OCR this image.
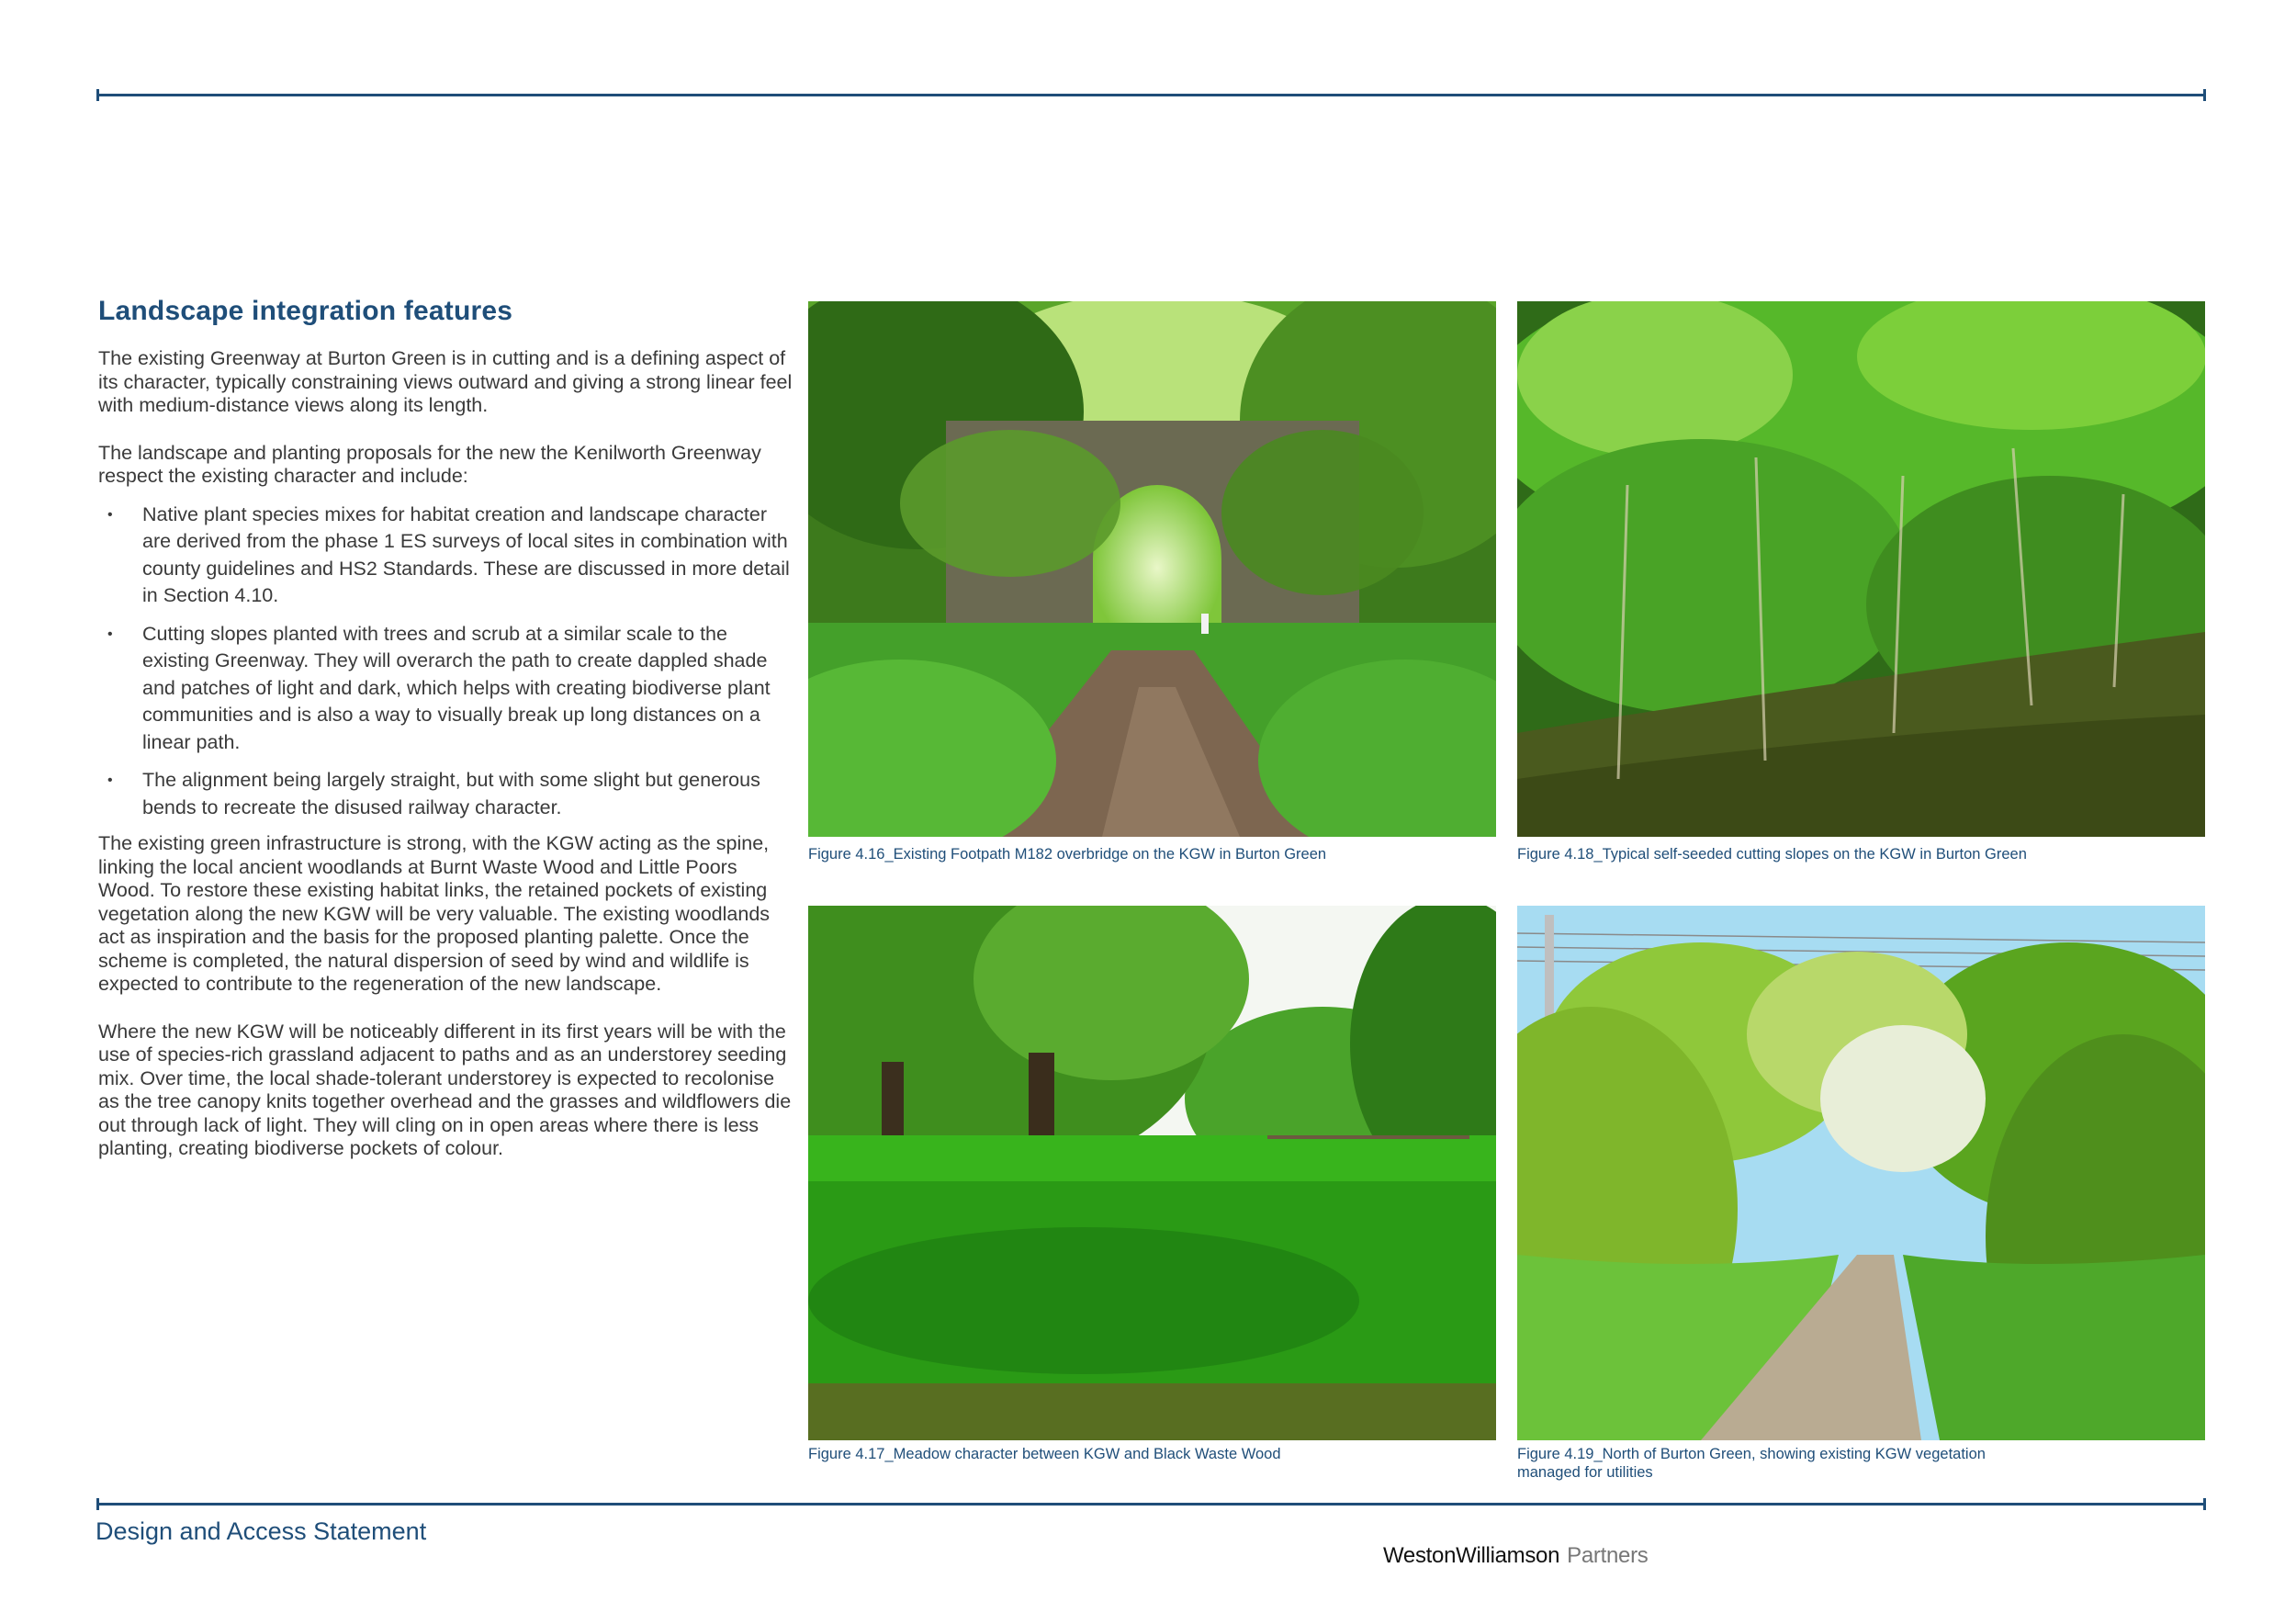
Landscape integration features

The existing Greenway at Burton Green is in cutting and is a defining aspect of its character, typically constraining views outward and giving a strong linear feel with medium-distance views along its length.

The landscape and planting proposals for the new the Kenilworth Greenway respect the existing character and include:

• Native plant species mixes for habitat creation and landscape character are derived from the phase 1 ES surveys of local sites in combination with county guidelines and HS2 Standards. These are discussed in more detail in Section 4.10.
• Cutting slopes planted with trees and scrub at a similar scale to the existing Greenway. They will overarch the path to create dappled shade and patches of light and dark, which helps with creating biodiverse plant communities and is also a way to visually break up long distances on a linear path.
• The alignment being largely straight, but with some slight but generous bends to recreate the disused railway character.

The existing green infrastructure is strong, with the KGW acting as the spine, linking the local ancient woodlands at Burnt Waste Wood and Little Poors Wood. To restore these existing habitat links, the retained pockets of existing vegetation along the new KGW will be very valuable. The existing woodlands act as inspiration and the basis for the proposed planting palette. Once the scheme is completed, the natural dispersion of seed by wind and wildlife is expected to contribute to the regeneration of the new landscape.

Where the new KGW will be noticeably different in its first years will be with the use of species-rich grassland adjacent to paths and as an understorey seeding mix. Over time, the local shade-tolerant understorey is expected to recolonise as the tree canopy knits together overhead and the grasses and wildflowers die out through lack of light. They will cling on in open areas where there is less planting, creating biodiverse pockets of colour.

Figure 4.16_Existing Footpath M182 overbridge on the KGW in Burton Green	Figure 4.18_Typical self-seeded cutting slopes on the KGW in Burton Green
Figure 4.17_Meadow character between KGW and Black Waste Wood	Figure 4.19_North of Burton Green, showing existing KGW vegetation managed for utilities
Design and Access Statement
WestonWilliamson Partners
